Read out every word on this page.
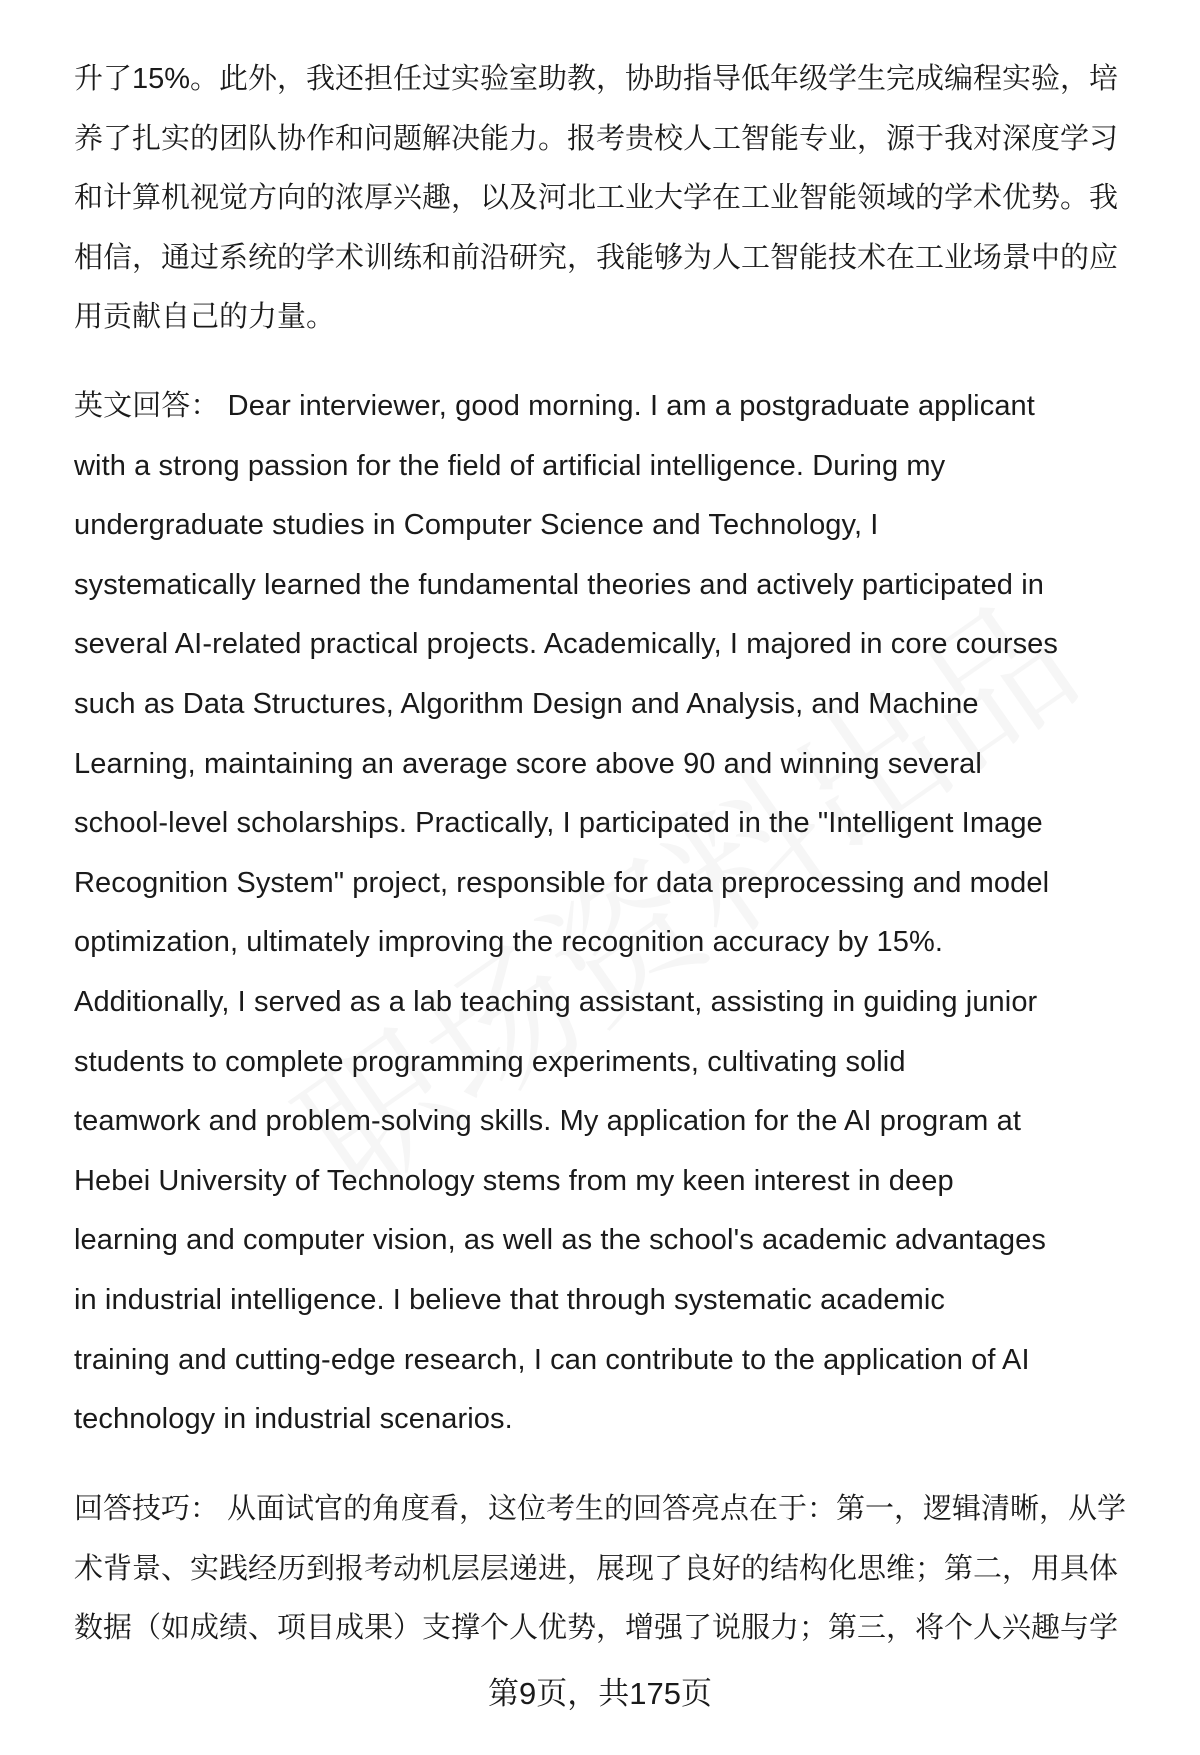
升了15%。此外，我还担任过实验室助教，协助指导低年级学生完成编程实验，培
养了扎实的团队协作和问题解决能力。报考贵校人工智能专业，源于我对深度学习
和计算机视觉方向的浓厚兴趣，以及河北工业大学在工业智能领域的学术优势。我
相信，通过系统的学术训练和前沿研究，我能够为人工智能技术在工业场景中的应
用贡献自己的力量。
英文回答： Dear interviewer, good morning. I am a postgraduate applicant
with a strong passion for the field of artificial intelligence. During my
undergraduate studies in Computer Science and Technology, I
systematically learned the fundamental theories and actively participated in
several AI-related practical projects. Academically, I majored in core courses
such as Data Structures, Algorithm Design and Analysis, and Machine
Learning, maintaining an average score above 90 and winning several
school-level scholarships. Practically, I participated in the "Intelligent Image
Recognition System" project, responsible for data preprocessing and model
optimization, ultimately improving the recognition accuracy by 15%.
Additionally, I served as a lab teaching assistant, assisting in guiding junior
students to complete programming experiments, cultivating solid
teamwork and problem-solving skills. My application for the AI program at
Hebei University of Technology stems from my keen interest in deep
learning and computer vision, as well as the school's academic advantages
in industrial intelligence. I believe that through systematic academic
training and cutting-edge research, I can contribute to the application of AI
technology in industrial scenarios.
回答技巧： 从面试官的角度看，这位考生的回答亮点在于：第一，逻辑清晰，从学
术背景、实践经历到报考动机层层递进，展现了良好的结构化思维；第二，用具体
数据（如成绩、项目成果）支撑个人优势，增强了说服力；第三，将个人兴趣与学
第9页，共175页
